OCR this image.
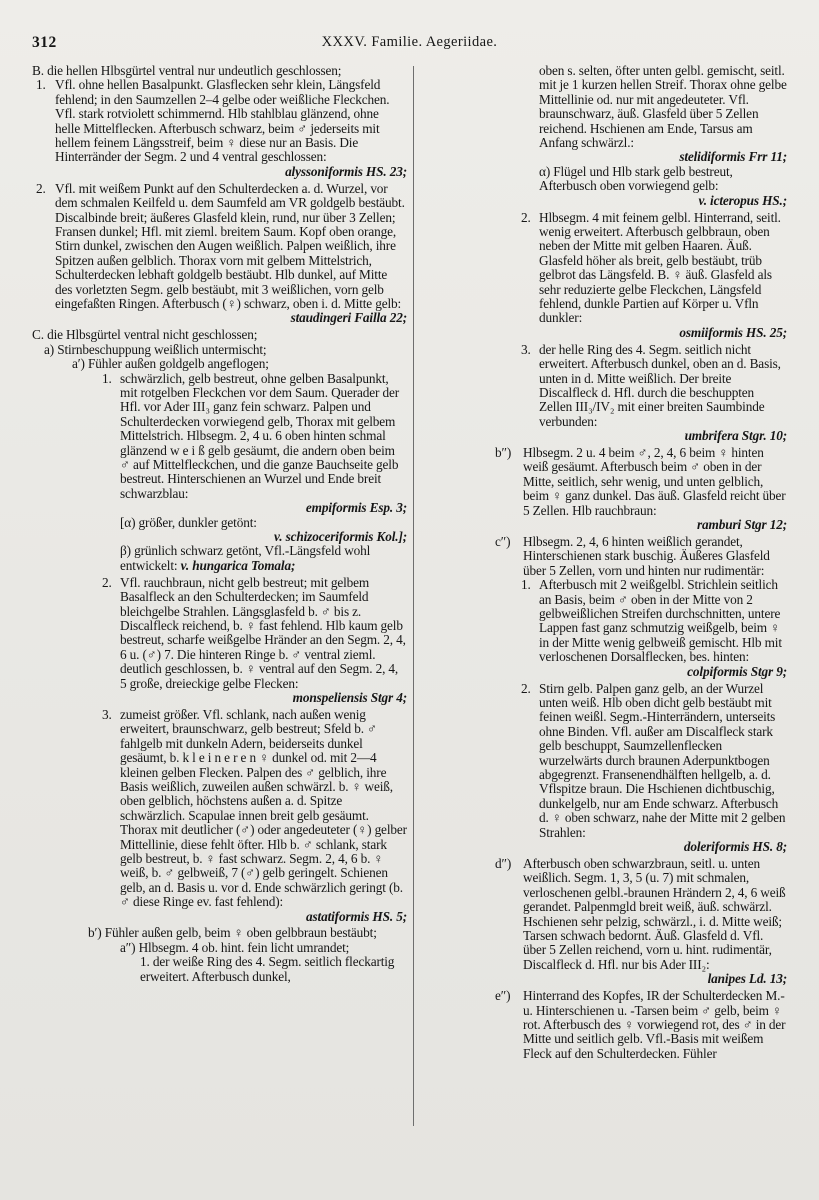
312	XXXV. Familie. Aegeriidae.

B. die hellen Hlbsgürtel ventral nur undeutlich geschlossen;

1. Vfl. ohne hellen Basalpunkt. Glasflecken sehr klein, Längsfeld fehlend; in den Saumzellen 2–4 gelbe oder weißliche Fleckchen. Vfl. stark rotviolett schimmernd. Hlb stahlblau glänzend, ohne helle Mittelflecken. Afterbusch schwarz, beim ♂ jederseits mit hellem feinem Längsstreif, beim ♀ diese nur an Basis. Die Hinterränder der Segm. 2 und 4 ventral geschlossen:

alyssoniformis HS. 23;

2. Vfl. mit weißem Punkt auf den Schulterdecken a. d. Wurzel, vor dem schmalen Keilfeld u. dem Saumfeld am VR goldgelb bestäubt. Discalbinde breit; äußeres Glasfeld klein, rund, nur über 3 Zellen; Fransen dunkel; Hfl. mit zieml. breitem Saum. Kopf oben orange, Stirn dunkel, zwischen den Augen weißlich. Palpen weißlich, ihre Spitzen außen gelblich. Thorax vorn mit gelbem Mittelstrich, Schulterdecken lebhaft goldgelb bestäubt. Hlb dunkel, auf Mitte des vorletzten Segm. gelb bestäubt, mit 3 weißlichen, vorn gelb eingefaßten Ringen. Afterbusch (♀) schwarz, oben i. d. Mitte gelb:

staudingeri Failla 22;

C. die Hlbsgürtel ventral nicht geschlossen;

a) Stirnbeschuppung weißlich untermischt;

a′) Fühler außen goldgelb angeflogen;

1. schwärzlich, gelb bestreut, ohne gelben Basalpunkt, mit rotgelben Fleckchen vor dem Saum. Querader der Hfl. vor Ader III₃ ganz fein schwarz. Palpen und Schulterdecken vorwiegend gelb, Thorax mit gelbem Mittelstrich. Hlbsegm. 2, 4 u. 6 oben hinten schmal glänzend w e i ß gelb gesäumt, die andern oben beim ♂ auf Mittelfleckchen, und die ganze Bauchseite gelb bestreut. Hinterschienen an Wurzel und Ende breit schwarzblau:

empiformis Esp. 3;

[α) größer, dunkler getönt:

v. schizoceriformis Kol.];

β) grünlich schwarz getönt, Vfl.-Längsfeld wohl entwickelt: v. hungarica Tomala;
2. Vfl. rauchbraun, nicht gelb bestreut; mit gelbem Basalfleck an den Schulterdecken; im Saumfeld bleichgelbe Strahlen. Längsglasfeld b. ♂ bis z. Discalfleck reichend, b. ♀ fast fehlend. Hlb kaum gelb bestreut, scharfe weißgelbe Hränder an den Segm. 2, 4, 6 u. (♂) 7. Die hinteren Ringe b. ♂ ventral zieml. deutlich geschlossen, b. ♀ ventral auf den Segm. 2, 4, 5 große, dreieckige gelbe Flecken:

monspeliensis Stgr 4;

3. zumeist größer. Vfl. schlank, nach außen wenig erweitert, braunschwarz, gelb bestreut; Sfeld b. ♂ fahlgelb mit dunkeln Adern, beiderseits dunkel gesäumt, b. k l e i n e r e n ♀ dunkel od. mit 2—4 kleinen gelben Flecken. Palpen des ♂ gelblich, ihre Basis weißlich, zuweilen außen schwärzl. b. ♀ weiß, oben gelblich, höchstens außen a. d. Spitze schwärzlich. Scapulae innen breit gelb gesäumt. Thorax mit deutlicher (♂) oder angedeuteter (♀) gelber Mittellinie, diese fehlt öfter. Hlb b. ♂ schlank, stark gelb bestreut, b. ♀ fast schwarz. Segm. 2, 4, 6 b. ♀ weiß, b. ♂ gelbweiß, 7 (♂) gelb geringelt. Schienen gelb, an d. Basis u. vor d. Ende schwärzlich geringt (b. ♂ diese Ringe ev. fast fehlend):

astatiformis HS. 5;

b′) Fühler außen gelb, beim ♀ oben gelbbraun bestäubt;

a″) Hlbsegm. 4 ob. hint. fein licht umrandet;

1. der weiße Ring des 4. Segm. seitlich fleckartig erweitert. Afterbusch dunkel,

oben s. selten, öfter unten gelbl. gemischt, seitl. mit je 1 kurzen hellen Streif. Thorax ohne gelbe Mittellinie od. nur mit angedeuteter. Vfl. braunschwarz, äuß. Glasfeld über 5 Zellen reichend. Hschienen am Ende, Tarsus am Anfang schwärzl.:

stelidiformis Frr 11;

α) Flügel und Hlb stark gelb bestreut, Afterbusch oben vorwiegend gelb:

v. icteropus HS.;

2. Hlbsegm. 4 mit feinem gelbl. Hinterrand, seitl. wenig erweitert. Afterbusch gelbbraun, oben neben der Mitte mit gelben Haaren. Äuß. Glasfeld höher als breit, gelb bestäubt, trüb gelbrot das Längsfeld. B. ♀ äuß. Glasfeld als sehr reduzierte gelbe Fleckchen, Längsfeld fehlend, dunkle Partien auf Körper u. Vfln dunkler:

osmiiformis HS. 25;

3. der helle Ring des 4. Segm. seitlich nicht erweitert. Afterbusch dunkel, oben an d. Basis, unten in d. Mitte weißlich. Der breite Discalfleck d. Hfl. durch die beschuppten Zellen III₃/IV₂ mit einer breiten Saumbinde verbunden:

umbrifera Stgr. 10;

b″) Hlbsegm. 2 u. 4 beim ♂, 2, 4, 6 beim ♀ hinten weiß gesäumt. Afterbusch beim ♂ oben in der Mitte, seitlich, sehr wenig, und unten gelblich, beim ♀ ganz dunkel. Das äuß. Glasfeld reicht über 5 Zellen. Hlb rauchbraun:

ramburi Stgr 12;

c″) Hlbsegm. 2, 4, 6 hinten weißlich gerandet, Hinterschienen stark buschig. Äußeres Glasfeld über 5 Zellen, vorn und hinten nur rudimentär:

1. Afterbusch mit 2 weißgelbl. Strichlein seitlich an Basis, beim ♂ oben in der Mitte von 2 gelbweißlichen Streifen durchschnitten, untere Lappen fast ganz schmutzig weißgelb, beim ♀ in der Mitte wenig gelbweiß gemischt. Hlb mit verloschenen Dorsalflecken, bes. hinten:

colpiformis Stgr 9;

2. Stirn gelb. Palpen ganz gelb, an der Wurzel unten weiß. Hlb oben dicht gelb bestäubt mit feinen weißl. Segm.-Hinterrändern, unterseits ohne Binden. Vfl. außer am Discalfleck stark gelb beschuppt, Saumzellenflecken wurzelwärts durch braunen Aderpunktbogen abgegrenzt. Fransenendhälften hellgelb, a. d. Vflspitze braun. Die Hschienen dichtbuschig, dunkelgelb, nur am Ende schwarz. Afterbusch d. ♀ oben schwarz, nahe der Mitte mit 2 gelben Strahlen:

doleriformis HS. 8;

d″) Afterbusch oben schwarzbraun, seitl. u. unten weißlich. Segm. 1, 3, 5 (u. 7) mit schmalen, verloschenen gelbl.-braunen Hrändern 2, 4, 6 weiß gerandet. Palpenmgld breit weiß, äuß. schwärzl. Hschienen sehr pelzig, schwärzl., i. d. Mitte weiß; Tarsen schwach bedornt. Äuß. Glasfeld d. Vfl. über 5 Zellen reichend, vorn u. hint. rudimentär, Discalfleck d. Hfl. nur bis Ader III₂:

lanipes Ld. 13;

e″) Hinterrand des Kopfes, IR der Schulterdecken M.- u. Hinterschienen u. -Tarsen beim ♂ gelb, beim ♀ rot. Afterbusch des ♀ vorwiegend rot, des ♂ in der Mitte und seitlich gelb. Vfl.-Basis mit weißem Fleck auf den Schulterdecken. Fühler
